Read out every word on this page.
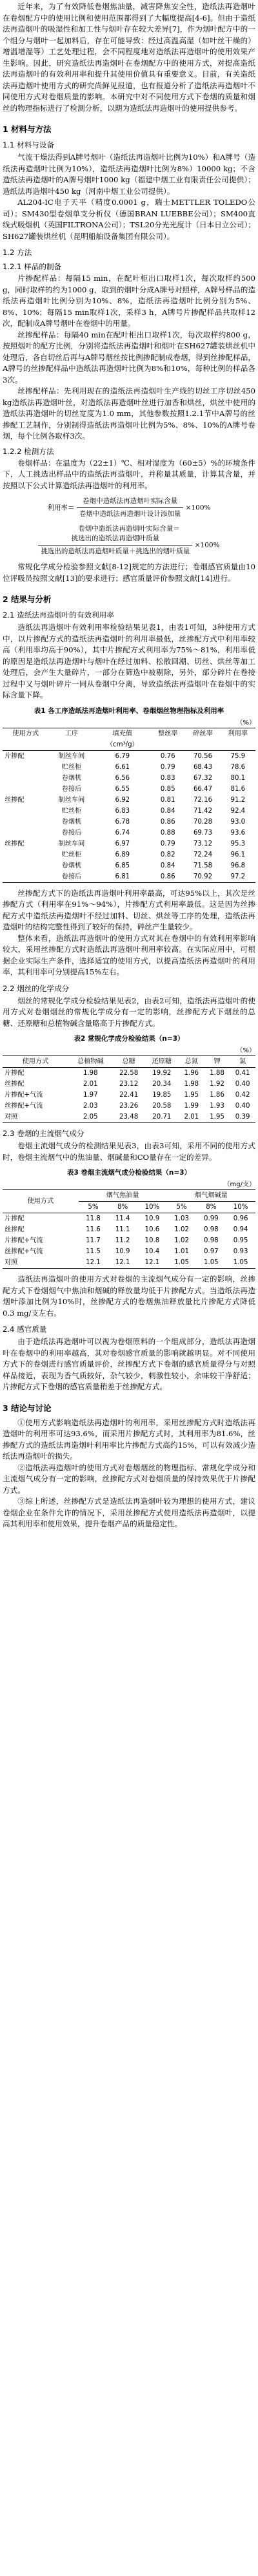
近年来，为了有效降低卷烟焦油量，减害降焦安全性，造纸法再造烟叶在卷烟配方中的使用比例和使用范围都得到了大幅度提高[4-6]。但由于造纸法再造烟叶的吸湿性和加工性与烟叶存在较大差异[7]，作为烟叶配方中的一个组分与烟叶一起加料后，存在可能导致：经过高温高湿（如叶丝干燥的）增温增湿等）工艺处理过程，会不同程度地对造纸法再造烟叶的使用效果产生影响。因此，研究造纸法再造烟叶在卷烟配方中的使用方式，对提高造纸法再造烟叶的有效利用率和提升其使用价值具有重要意义。目前，有关造纸法再造烟叶使用方式的研究尚鲜见报道，也有报道分析了造纸法再造烟叶不同使用方式对卷烟质量的影响。本研究中对不同使用方式下卷烟的质量和烟丝的物理指标进行了检测分析，以期为造纸法再造烟叶的使用提供参考。

1 材料与方法
1.1 材料与设备

气流干燥法得到A牌号烟叶（造纸法再造烟叶比例为10%）和A牌号（造纸法再造烟叶比例为10%），造纸法再造烟叶比例为8%）10000 kg；不含造纸法再造烟叶的A牌号烟叶1000 kg（福建中烟工业有限责任公司提供）；造纸法再造烟叶450 kg（河南中烟工业公司提供）。

AL204-IC电子天平（精度0.0001 g，瑞士METTLER TOLEDO公司）；SM430型卷烟单支分析仪（德国BRAN LUEBBE公司）；SM400直线式吸烟机（英国FILTRONA公司）；TSL20分光光度计（日本日立公司）；SH627罐装烘丝机（昆明船舶设备集团有限公司）。

1.2 方法
1.2.1 样品的制备

片掺配样品：每隔15 min，在配叶柜出口取样1次，每次取样约500 g，同时取样的约为1000 g，取到的烟叶分成A牌号对照样，A牌号样品的造纸法再造烟叶比例分别为10%、8%，造纸法再造烟叶比例分别为5%、8%、10%；每隔15 min取样1次，采样3 h，A牌号片掺配样品共取样12次，配制成A牌号烟叶在卷烟中的用量。

丝掺配样品：每隔40 min在配叶柜出口取样1次，每次取样约800 g，按照烟叶的配方比例，分别将造纸法再造烟叶和烟叶在SH627罐装烘丝机中处理后，各自切丝后再与A牌号烟丝按比例掺配制成卷烟，得到丝掺配样品，A牌号的丝掺配样品中造纸法再造烟叶比例为8%和10%，每种比例的样品各3次。

丝掺配样品：先利用现在的造纸法再造烟叶生产线的切丝工序切丝450 kg造纸法再造烟叶丝，对造纸法再造烟叶丝进行加香和烘丝，烘丝中使用的造纸法再造烟叶的切丝宽度为1.0 mm，其他参数按照1.2.1节中A牌号的丝掺配工艺制作，分别制得造纸法再造烟叶比例为5%、8%、10%的A牌号卷烟，每个比例各取样3次。

1.2.2 检测方法

卷烟样品：在温度为（22±1）℃、相对湿度为（60±5）%的环境条件下，人工挑选出样品中的造纸法再造烟叶，并称量其质量，计算其含量，并按照以下公式计算造纸法再造烟叶的利用率。

利用率＝ $\frac{\text{卷烟中造纸法再造烟叶实际含量}}{\text{卷烟中造纸法再造烟叶设计添加量}} \times 100\%$
卷烟中造纸法再造烟叶实际含量＝
$\frac{\text{挑选出的造纸法再造烟叶质量}}{\text{挑选出的造纸法再造烟叶质量＋挑选出的烟叶质量}} \times 100\%$

常规化学成分检验参照文献[8-12]规定的方法进行；卷烟感官质量由10位评吸员按照文献[13]的要求进行；感官质量评价参照文献[14]进行。

2 结果与分析
2.1 造纸法再造烟叶的有效利用率

造纸法再造烟叶有效利用率检验结果见表1，由表1可知，3种使用方式中，以片掺配方式的造纸法再造烟叶的利用率最低，丝掺配方式中利用率较高（利用率均高于90%），其中片掺配方式利用率为75%～81%，利用率低的原因是造纸法再造烟叶与烟叶在经过加料、松散回潮、切丝、烘丝等加工处理后，会产生大量碎片，一部分在筛选中被剔除，另外，部分碎片在卷接过程中又与烟叶碎片一同从卷烟中分离，导致造纸法再造烟叶在卷烟中的实际含量下降。

表1 各工序造纸法再造烟叶利用率、卷烟烟丝物理指标及利用率
（%）
使用方式	工序	填充值	整丝率	碎丝率	利用率
		（cm³/g）			
片掺配	制丝车间	6.79	0.76	70.56	75.9
	贮丝柜	6.61	0.79	68.43	78.6
	卷烟机	6.56	0.83	67.32	80.1
	卷接后	6.55	0.85	66.47	81.6
丝掺配	制丝车间	6.92	0.81	72.16	91.2
	贮丝柜	6.83	0.84	71.42	92.4
	卷烟机	6.78	0.86	70.28	93.0
	卷接后	6.74	0.88	69.73	93.6
丝掺配	制丝车间	6.97	0.79	73.12	95.3
	贮丝柜	6.89	0.82	72.24	96.1
	卷烟机	6.85	0.84	71.58	96.8
	卷接后	6.81	0.86	70.92	97.2

丝掺配方式下的造纸法再造烟叶利用率最高，可达95%以上，其次是丝掺配方式（利用率在91%～94%），片掺配方式利用率最低。这是因为丝掺配方式中造纸法再造烟叶不经过加料、切丝、烘丝等工序的处理，造纸法再造烟叶的结构完整性得到了较好的保持，碎丝产生量较少。

整体来看，造纸法再造烟叶的使用方式对其在卷烟中的有效利用率影响较大，采用丝掺配方式时造纸法再造烟叶利用率较高。在实际应用中，可根据企业实际生产条件，选择适宜的使用方式，以提高造纸法再造烟叶的利用率，其利用率可分别提高15%左右。

2.2 烟丝的化学成分

烟丝的常规化学成分检验结果见表2，由表2可知，造纸法再造烟叶的使用方式对卷烟烟丝的常规化学成分有一定的影响，丝掺配方式下烟丝的总糖、还原糖和总植物碱含量略高于片掺配方式。

表2 常规化学成分检验结果（n=3）
（%）
使用方式	总植物碱	总糖	还原糖	总氮	钾	氯
片掺配	1.98	22.58	19.92	1.96	1.88	0.41
丝掺配	2.01	23.12	20.34	1.98	1.92	0.40
片掺配+气流	1.97	22.41	19.85	1.95	1.86	0.42
丝掺配+气流	2.03	23.26	20.58	1.99	1.93	0.40
对照	2.05	23.48	20.71	2.01	1.95	0.39
2.3 卷烟的主流烟气成分

卷烟主流烟气成分的检测结果见表3，由表3可知，采用不同的使用方式时，卷烟主流烟气中的焦油量、烟碱量和CO量存在一定的差异。

表3 卷烟主流烟气成分检验结果（n=3）
（mg/支）
使用方式	烟气焦油量			烟气烟碱量		
	5%	8%	10%	5%	8%	10%
片掺配	11.8	11.4	10.9	1.03	0.99	0.96
丝掺配	11.6	11.1	10.6	1.02	0.98	0.94
片掺配+气流	11.7	11.2	10.8	1.02	0.98	0.95
丝掺配+气流	11.5	10.9	10.4	1.01	0.97	0.93
对照	12.1	12.1	12.1	1.05	1.05	1.05

造纸法再造烟叶的使用方式对卷烟的主流烟气成分有一定的影响，丝掺配方式下卷烟烟气中焦油和烟碱的释放量均低于片掺配方式。当造纸法再造烟叶添加比例为10%时，丝掺配方式的卷烟焦油释放量比片掺配方式降低0.3 mg/支左右。

2.4 感官质量

由于造纸法再造烟叶可以视为卷烟原料的一个组成部分，造纸法再造烟叶在卷烟中的利用率越高，其对卷烟感官质量的影响就越明显。对不同使用方式下的卷烟进行感官质量评价，丝掺配方式下卷烟的感官质量得分与对照样品接近，表现为香气质较好，杂气较少，刺激性较小，余味较干净舒适；片掺配方式下卷烟的感官质量稍差于丝掺配方式。

3 结论与讨论

①使用方式影响造纸法再造烟叶的利用率，采用丝掺配方式时造纸法再造烟叶的利用率可达93.6%，而采用片掺配方式时，其利用率为81.6%，丝掺配方式的造纸法再造烟叶利用率比片掺配方式高约15%，可以有效减少造纸法再造烟叶的损失。

②造纸法再造烟叶的使用方式对卷烟烟丝的物理指标、常规化学成分和主流烟气成分有一定的影响，丝掺配方式对卷烟质量的保持效果优于片掺配方式。

③综上所述，丝掺配方式是造纸法再造烟叶较为理想的使用方式，建议卷烟企业在条件允许的情况下，采用丝掺配方式使用造纸法再造烟叶，以提高其利用率和使用效果，提升卷烟产品的质量稳定性。
